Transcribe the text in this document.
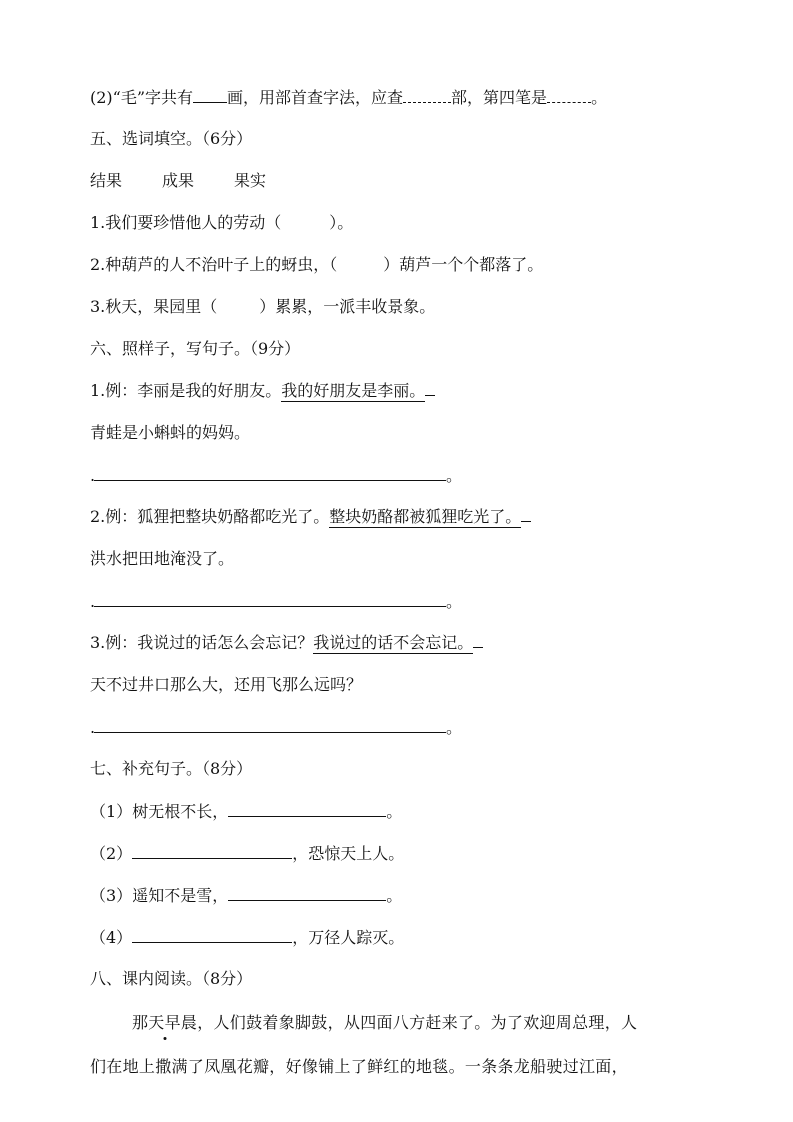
(2)“毛”字共有 画，用部首查字法，应查	部，第四笔是	。
五、选词填空。（6分）
结果	成果	果实
1.我们要珍惜他人的劳动（	）。
2.种葫芦的人不治叶子上的蚜虫，（	）葫芦一个个都落了。
3.秋天，果园里（	）累累，一派丰收景象。
六、照样子，写句子。（9分）
1.例：李丽是我的好朋友。我的好朋友是李丽。
青蛙是小蝌蚪的妈妈。
.	。
2.例：狐狸把整块奶酪都吃光了。整块奶酪都被狐狸吃光了。
洪水把田地淹没了。
.	。
3.例：我说过的话怎么会忘记？我说过的话不会忘记。
天不过井口那么大，还用飞那么远吗？
.	。
七、补充句子。（8分）
（1）树无根不长，	。
（2）	，恐惊天上人。
（3）遥知不是雪，	。
（4）	，万径人踪灭。
八、课内阅读。（8分）
那天早晨，人们鼓着象脚鼓，从四面八方赶来了。为了欢迎周总理，人
们在地上撒满了凤凰花瓣，好像铺上了鲜红的地毯。一条条龙船驶过江面，
